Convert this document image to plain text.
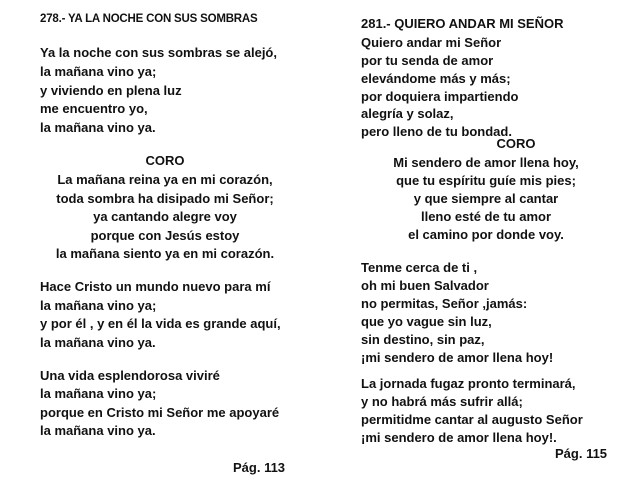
278.- YA LA NOCHE CON SUS SOMBRAS
Ya la noche con sus sombras se alejó,
la mañana vino ya;
y viviendo en plena luz
me encuentro yo,
la mañana vino ya.
CORO
La mañana reina ya en mi corazón,
toda sombra ha disipado mi Señor;
ya cantando alegre voy
porque con Jesús estoy
la mañana siento ya en mi corazón.
Hace Cristo un mundo nuevo para mí
la mañana vino ya;
y por él , y en él la vida es grande aquí,
la mañana vino ya.
Una vida esplendorosa viviré
la mañana vino ya;
porque en Cristo mi Señor me apoyaré
la mañana vino ya.
Pág. 113
281.- QUIERO ANDAR MI SEÑOR
Quiero andar mi Señor
por tu senda de amor
elevándome más y más;
por doquiera impartiendo
alegría y solaz,
pero lleno de tu bondad.
CORO
Mi sendero de amor llena hoy,
que tu espíritu guíe mis pies;
y que siempre al cantar
lleno esté de tu amor
el camino por donde voy.
Tenme cerca de ti ,
oh mi buen Salvador
no permitas, Señor ,jamás:
que yo vague sin luz,
sin destino, sin paz,
¡mi sendero de amor llena hoy!
La jornada fugaz pronto terminará,
y no habrá más sufrir allá;
permitidme cantar al augusto Señor
¡mi sendero de amor llena hoy!.
Pág. 115
